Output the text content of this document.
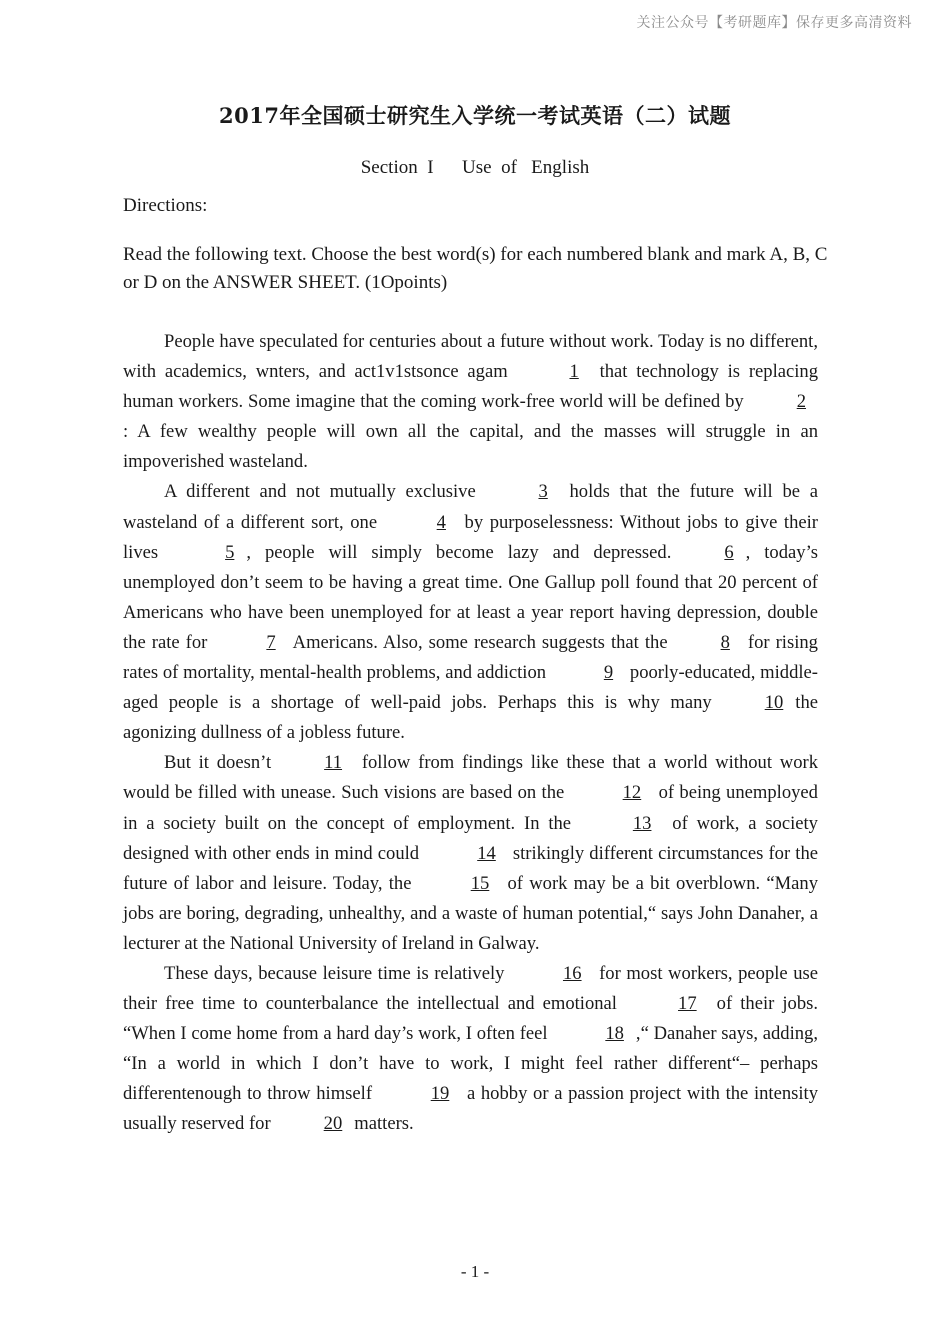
关注公众号【考研题库】保存更多高清资料
2017年全国硕士研究生入学统一考试英语（二）试题
Section  I      Use  of   English
Directions:
Read the following text. Choose the best word(s) for each numbered blank and mark A, B, C or D on the ANSWER SHEET. (1Opoints)

People have speculated for centuries about a future without work. Today is no different, with academics, wnters, and act1v1stsonce agam	1 that technology is replacing human workers. Some imagine that the coming work-free world will be defined by	2: A few wealthy people will own all the capital, and the masses will struggle in an impoverished wasteland.

A different and not mutually exclusive	3 holds that the future will be a wasteland of a different sort, one	4 by purposelessness: Without jobs to give their lives	5 , people will simply become lazy and depressed.	6 , today’s unemployed don’t seem to be having a great time. One Gallup poll found that 20 percent of Americans who have been unemployed for at least a year report having depression, double the rate for	7 Americans. Also, some research suggests that the	8 for rising rates of mortality, mental-health problems, and addiction	9 poorly-educated, middle-aged people is a shortage of well-paid jobs. Perhaps this is why many	10 the agonizing dullness of a jobless future.

But it doesn’t	11 follow from findings like these that a world without work would be filled with unease. Such visions are based on the	12 of being unemployed in a society built on the concept of employment. In the	13 of work, a society designed with other ends in mind could	14 strikingly different circumstances for the future of labor and leisure. Today, the	15 of work may be a bit overblown. “Many jobs are boring, degrading, unhealthy, and a waste of human potential,“ says John Danaher, a lecturer at the National University of Ireland in Galway.

These days, because leisure time is relatively	16 for most workers, people use their free time to counterbalance the intellectual and emotional	17 of their jobs. “When I come home from a hard day’s work, I often feel	18 ,“ Danaher says, adding, “In a world in which I don’t have to work, I might feel rather different“– perhaps differentenough to throw himself	19 a hobby or a passion project with the intensity usually reserved for	20 matters.

- 1 -
